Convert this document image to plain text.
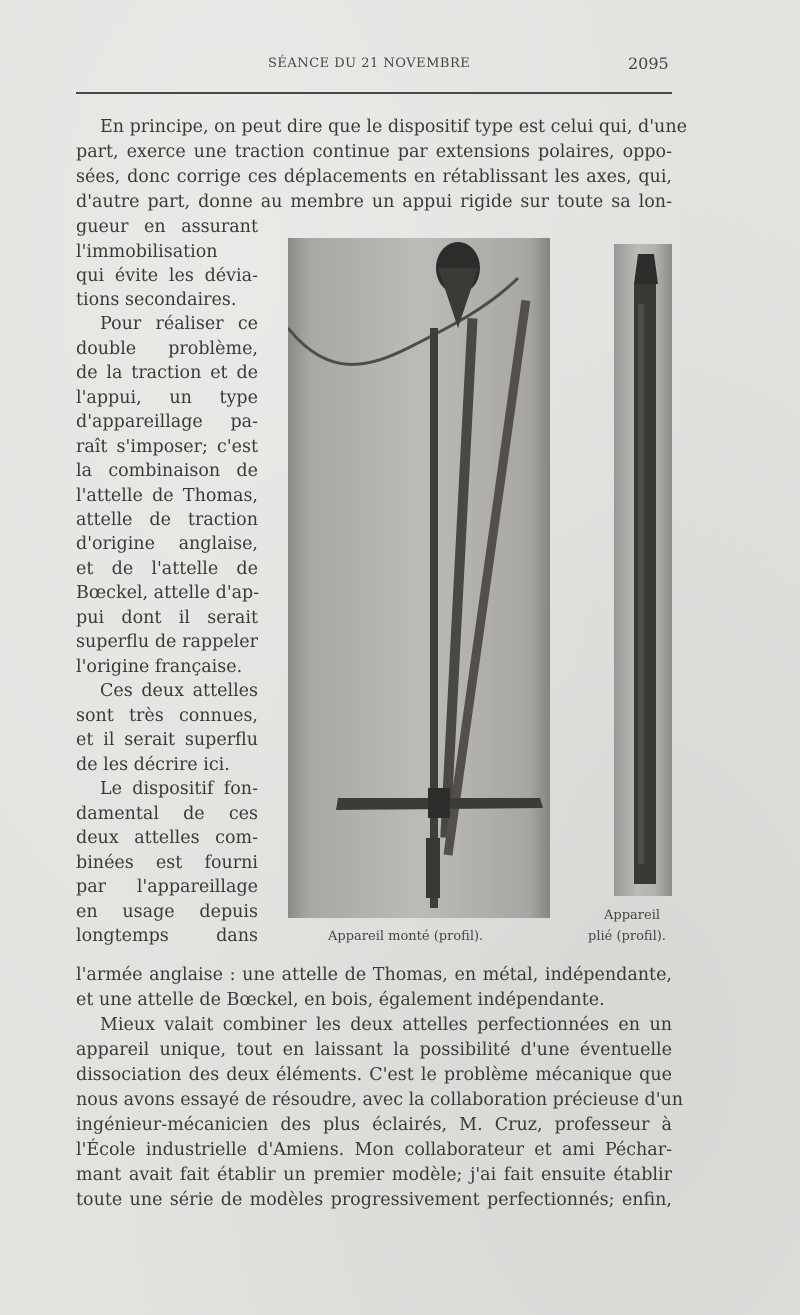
SÉANCE DU 21 NOVEMBRE	2095
En principe, on peut dire que le dispositif type est celui qui, d'une
part, exerce une traction continue par extensions polaires, oppo-
sées, donc corrige ces déplacements en rétablissant les axes, qui,
d'autre part, donne au membre un appui rigide sur toute sa lon-
gueur en assurant
l'immobilisation
qui évite les dévia-
tions secondaires.
Pour réaliser ce
double problème,
de la traction et de
l'appui, un type
d'appareillage pa-
raît s'imposer; c'est
la combinaison de
l'attelle de Thomas,
attelle de traction
d'origine anglaise,
et de l'attelle de
Bœckel, attelle d'ap-
pui dont il serait
superflu de rappeler
l'origine française.
Ces deux attelles
sont très connues,
et il serait superflu
de les décrire ici.
Le dispositif fon-
damental de ces
deux attelles com-
binées est fourni
par l'appareillage
en usage depuis
longtemps dans	Appareil monté (profil).
Appareil
plié (profil).
l'armée anglaise : une attelle de Thomas, en métal, indépendante,
et une attelle de Bœckel, en bois, également indépendante.
Mieux valait combiner les deux attelles perfectionnées en un
appareil unique, tout en laissant la possibilité d'une éventuelle
dissociation des deux éléments. C'est le problème mécanique que
nous avons essayé de résoudre, avec la collaboration précieuse d'un
ingénieur-mécanicien des plus éclairés, M. Cruz, professeur à
l'École industrielle d'Amiens. Mon collaborateur et ami Péchar-
mant avait fait établir un premier modèle; j'ai fait ensuite établir
toute une série de modèles progressivement perfectionnés; enfin,
